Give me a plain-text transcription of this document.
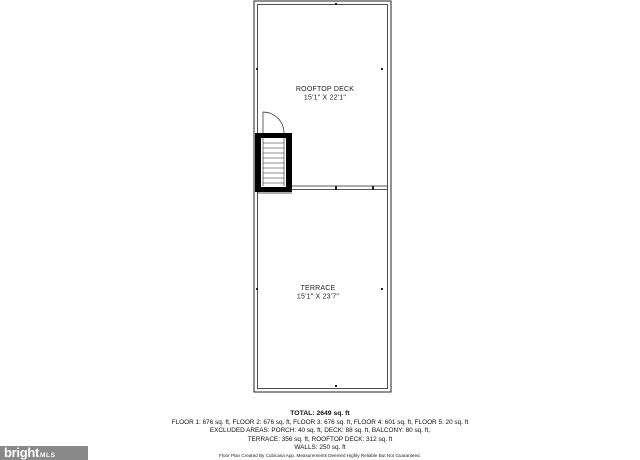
ROOFTOP DECK
15'1" X 22'1"
TERRACE
15'1" X 23'7"
TOTAL: 2649 sq. ft
FLOOR 1: 676 sq. ft, FLOOR 2: 676 sq. ft, FLOOR 3: 676 sq. ft, FLOOR 4: 601 sq. ft, FLOOR 5: 20 sq. ft
EXCLUDED AREAS: PORCH: 40 sq. ft, DECK: 88 sq. ft, BALCONY: 80 sq. ft,
TERRACE: 356 sq. ft, ROOFTOP DECK: 312 sq. ft
WALLS: 250 sq. ft
Floor Plan Created By Cubicasa App. Measurements Deemed Highly Reliable But Not Guaranteed.
bright MLS
